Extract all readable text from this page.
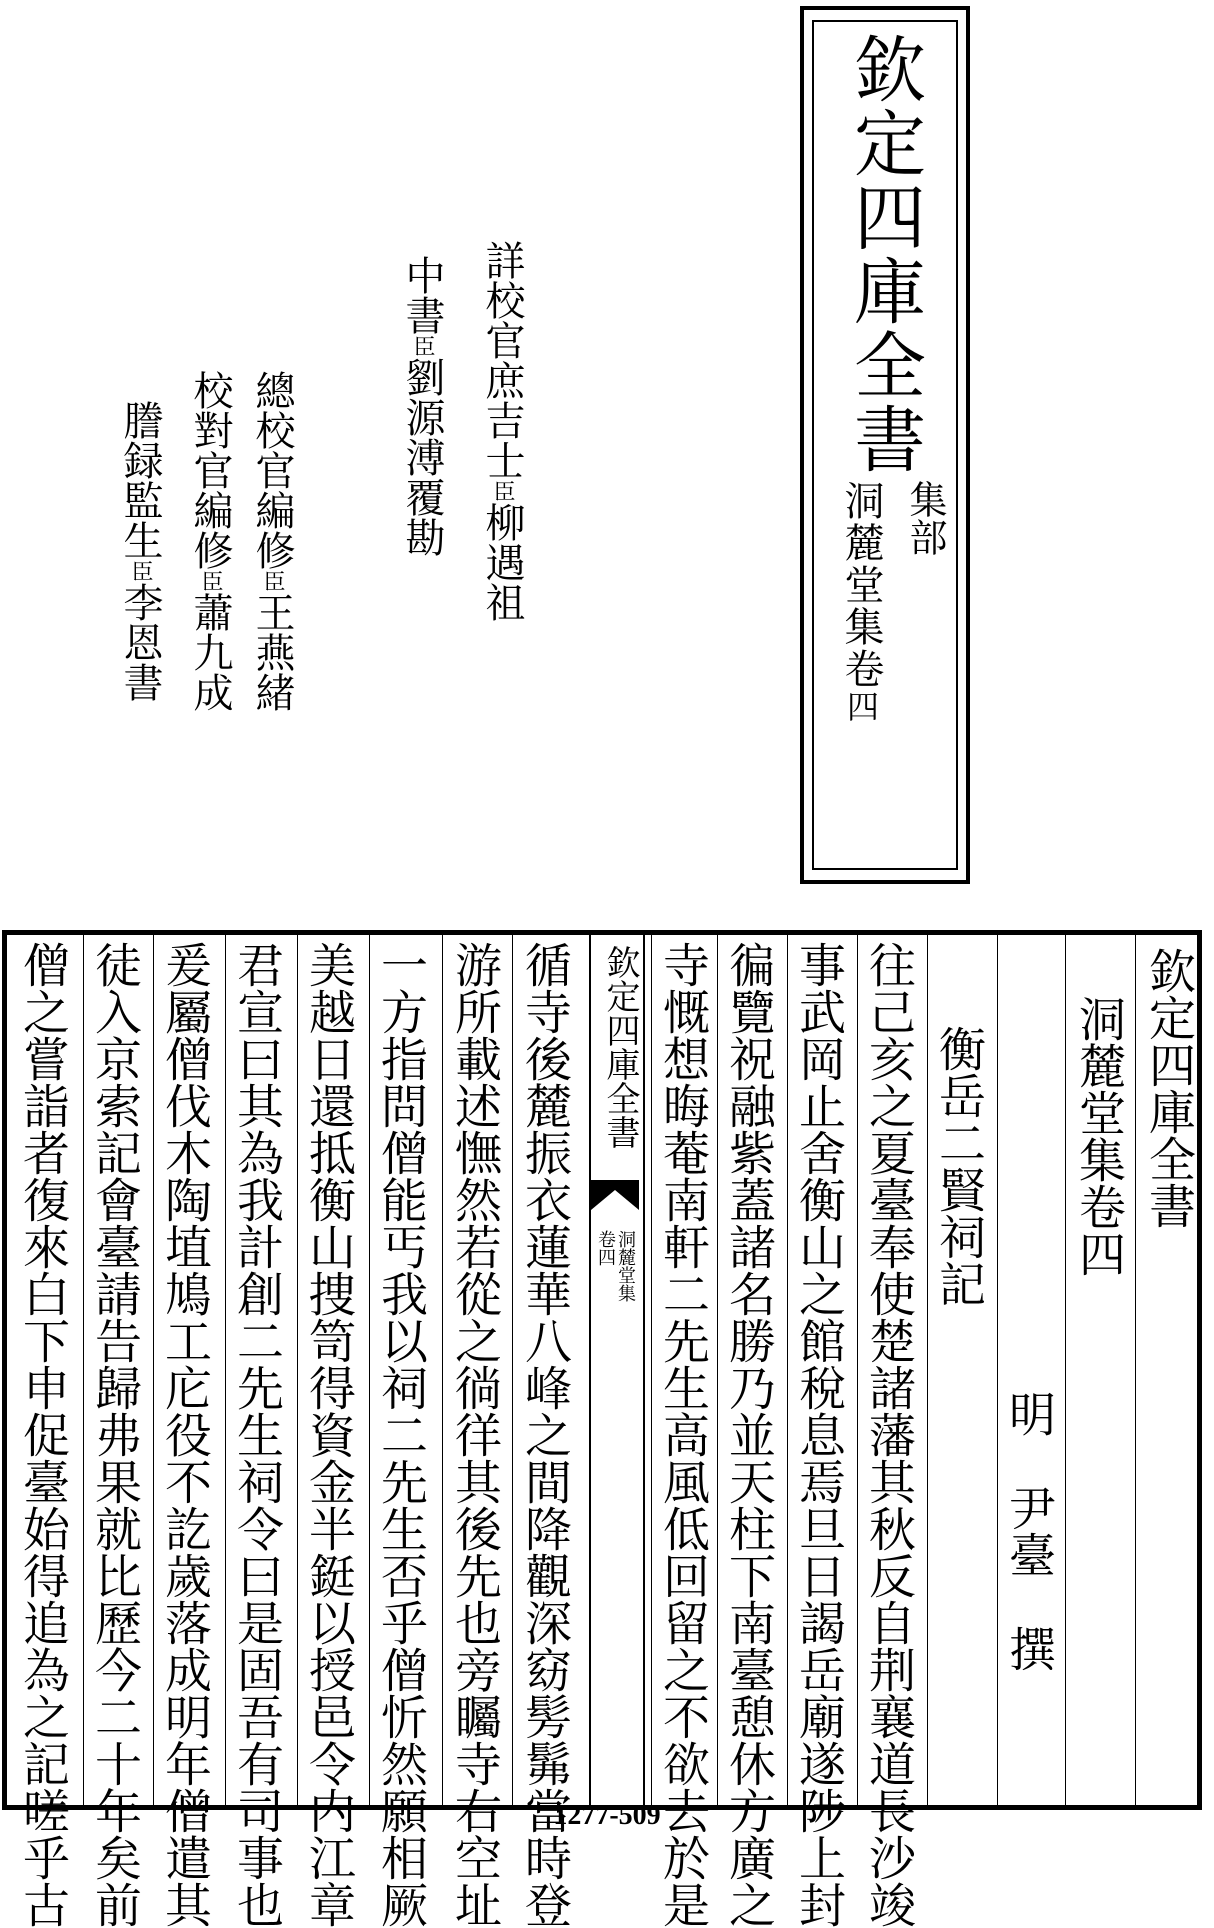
欽定四庫全書
集部
洞麓堂集卷四
詳校官庶吉士臣柳遇祖
中書臣劉源溥覆勘
總校官編修臣王燕緒
校對官編修臣蕭九成
謄録監生臣李恩書
欽定四庫全書
洞麓堂集卷四
衡岳二賢祠記
明　尹臺　撰
往己亥之夏臺奉使楚諸藩其秋反自荆襄道長沙竣
事武岡止舍衡山之館稅息焉旦日謁岳廟遂陟上封
徧覽祝融紫蓋諸名勝乃並天柱下南臺憩休方廣之
寺慨想晦菴南軒二先生高風低回留之不欲去於是
欽定四庫全書
洞麓堂集
卷四
循寺後麓振衣蓮華八峰之間降觀深窈髣髴當時登
游所載述憮然若從之徜徉其後先也旁矚寺右空址
一方指問僧能丐我以祠二先生否乎僧忻然願相厥
美越日還抵衡山捜笥得資金半鋌以授邑令内江章
君宣曰其為我計創二先生祠令曰是固吾有司事也
爰屬僧伐木陶埴鳩工庀役不訖歲落成明年僧遣其
徒入京索記會臺請告歸弗果就比歷今二十年矣前
僧之嘗詣者復來白下申促臺始得追為之記嗟乎古	1277-509
